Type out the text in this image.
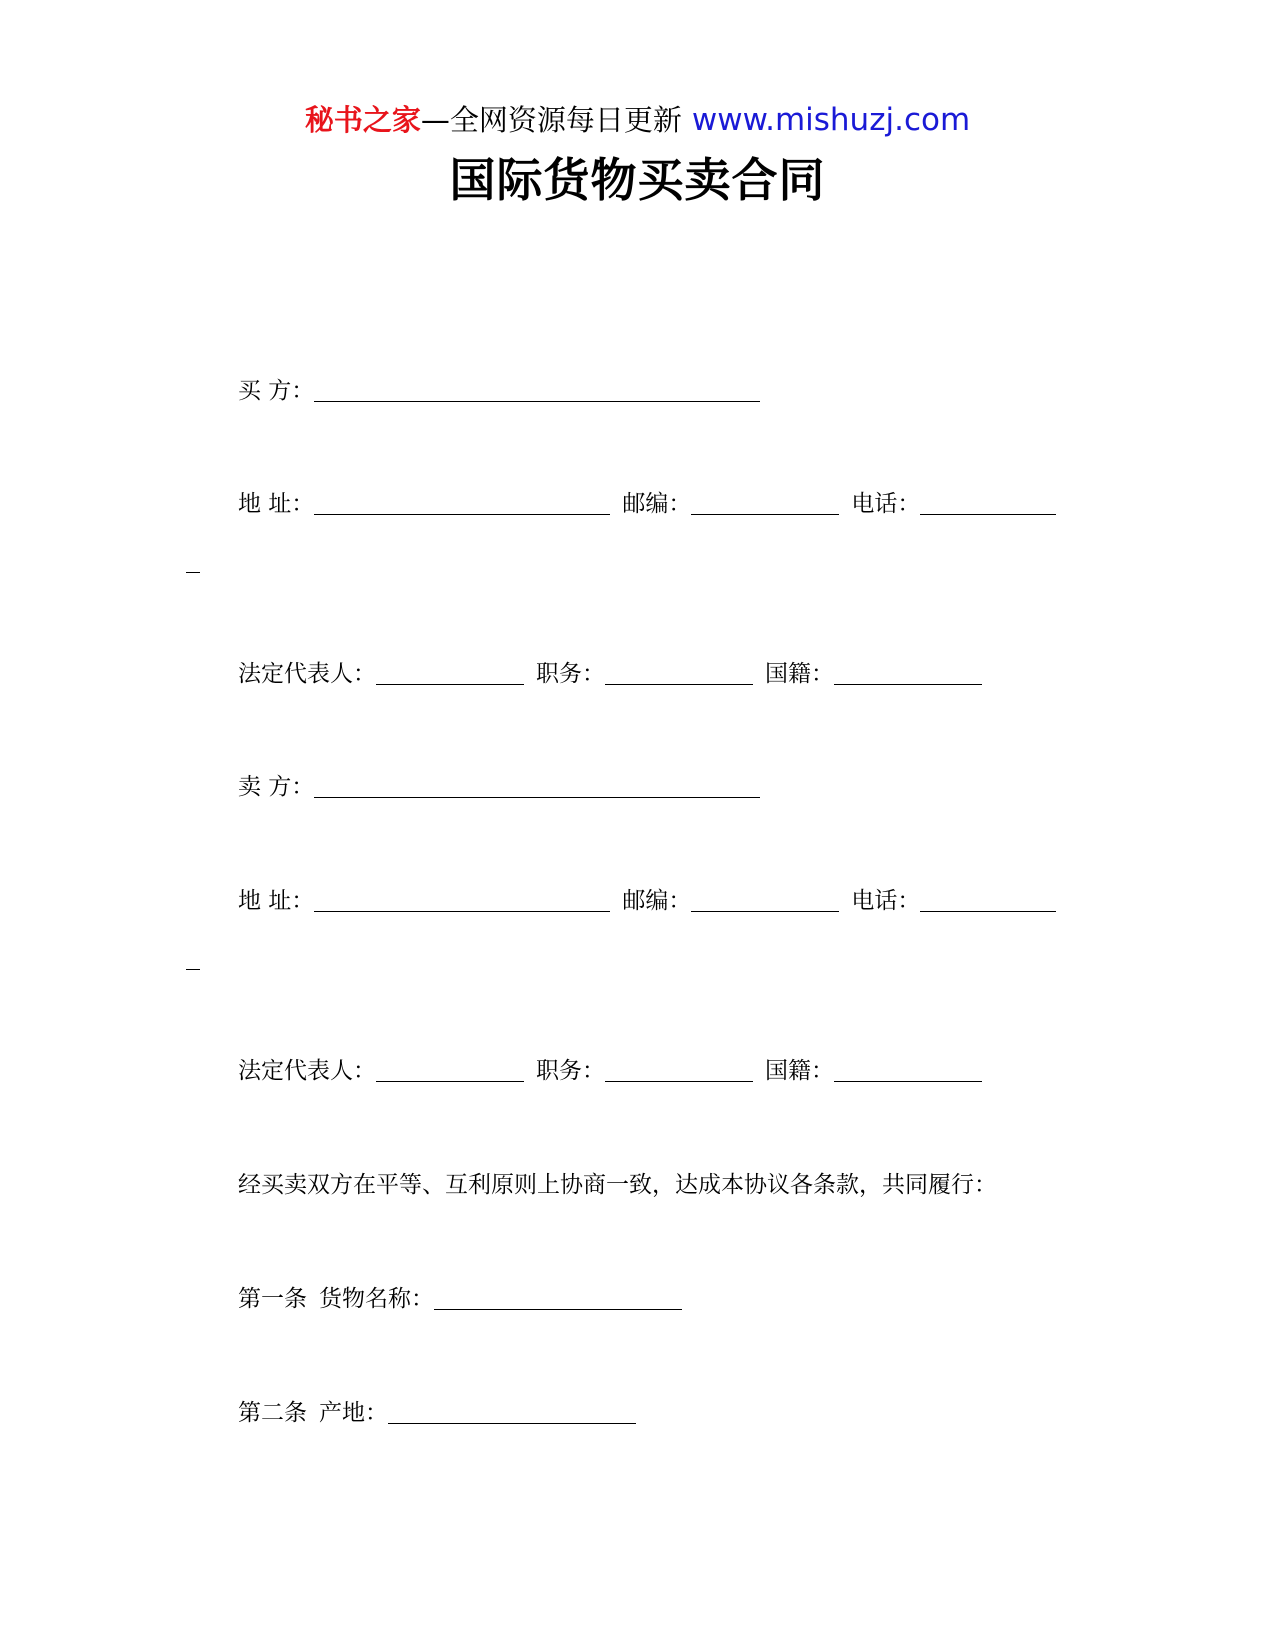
秘书之家—全网资源每日更新 www.mishuzj.com
国际货物买卖合同
买 方：
地 址：	邮编：	电话：
法定代表人：	职务：	国籍：
卖 方：
地 址：	邮编：	电话：
法定代表人：	职务：	国籍：
经买卖双方在平等、互利原则上协商一致，达成本协议各条款，共同履行：
第一条 货物名称：
第二条 产地：
